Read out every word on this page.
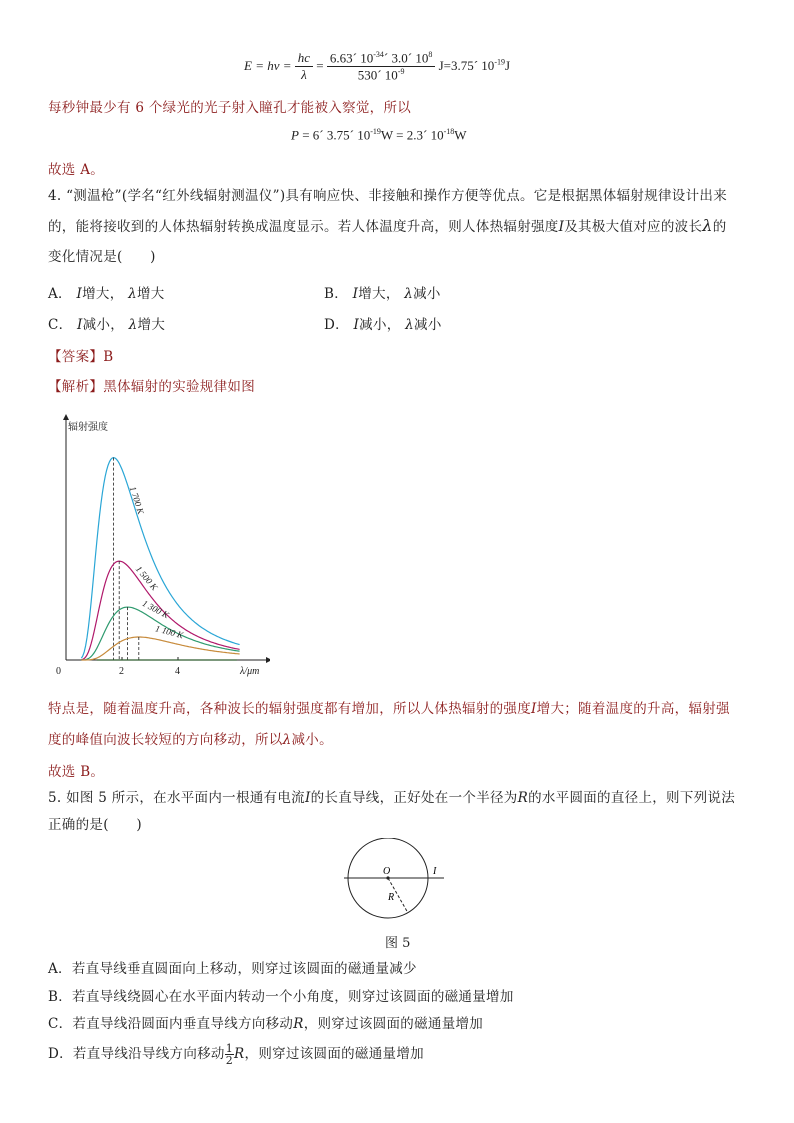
E = hv = $\frac{hc}{\lambda} = \frac{6.63´ 10^{-34}´ 3.0´ 10^8}{530´ 10^{-9}}$ J=3.75´ $10^{-19}J$
每秒钟最少有 6 个绿光的光子射入瞳孔才能被入察觉，所以
P = 6´ 3.75´ $10^{-19}W$ = 2.3´ $10^{-18}W$
故选 A。
4. “测温枪”(学名“红外线辐射测温仪”)具有响应快、非接触和操作方便等优点。它是根据黑体辐射规律设计出来
的，能将接收到的人体热辐射转换成温度显示。若人体温度升高，则人体热辐射强度I及其极大值对应的波长λ的
变化情况是(　　)
A． I增大， λ增大	B． I增大， λ减小
C． I减小， λ增大	D． I减小， λ减小
【答案】B
【解析】黑体辐射的实验规律如图
辐射强度
λ/μm
0	2	4
1 700 K
1 500 K
1 300 K
1 100 K
特点是，随着温度升高，各种波长的辐射强度都有增加，所以人体热辐射的强度I增大；随着温度的升高，辐射强
度的峰值向波长较短的方向移动，所以λ减小。
故选 B。
5. 如图 5 所示，在水平面内一根通有电流I的长直导线，正好处在一个半径为R的水平圆面的直径上，则下列说法
正确的是(　　)
O	I
R
图 5
A．若直导线垂直圆面向上移动，则穿过该圆面的磁通量减少
B．若直导线绕圆心在水平面内转动一个小角度，则穿过该圆面的磁通量增加
C．若直导线沿圆面内垂直导线方向移动R，则穿过该圆面的磁通量增加
D．若直导线沿导线方向移动 $\frac{1}{2}$ R，则穿过该圆面的磁通量增加
